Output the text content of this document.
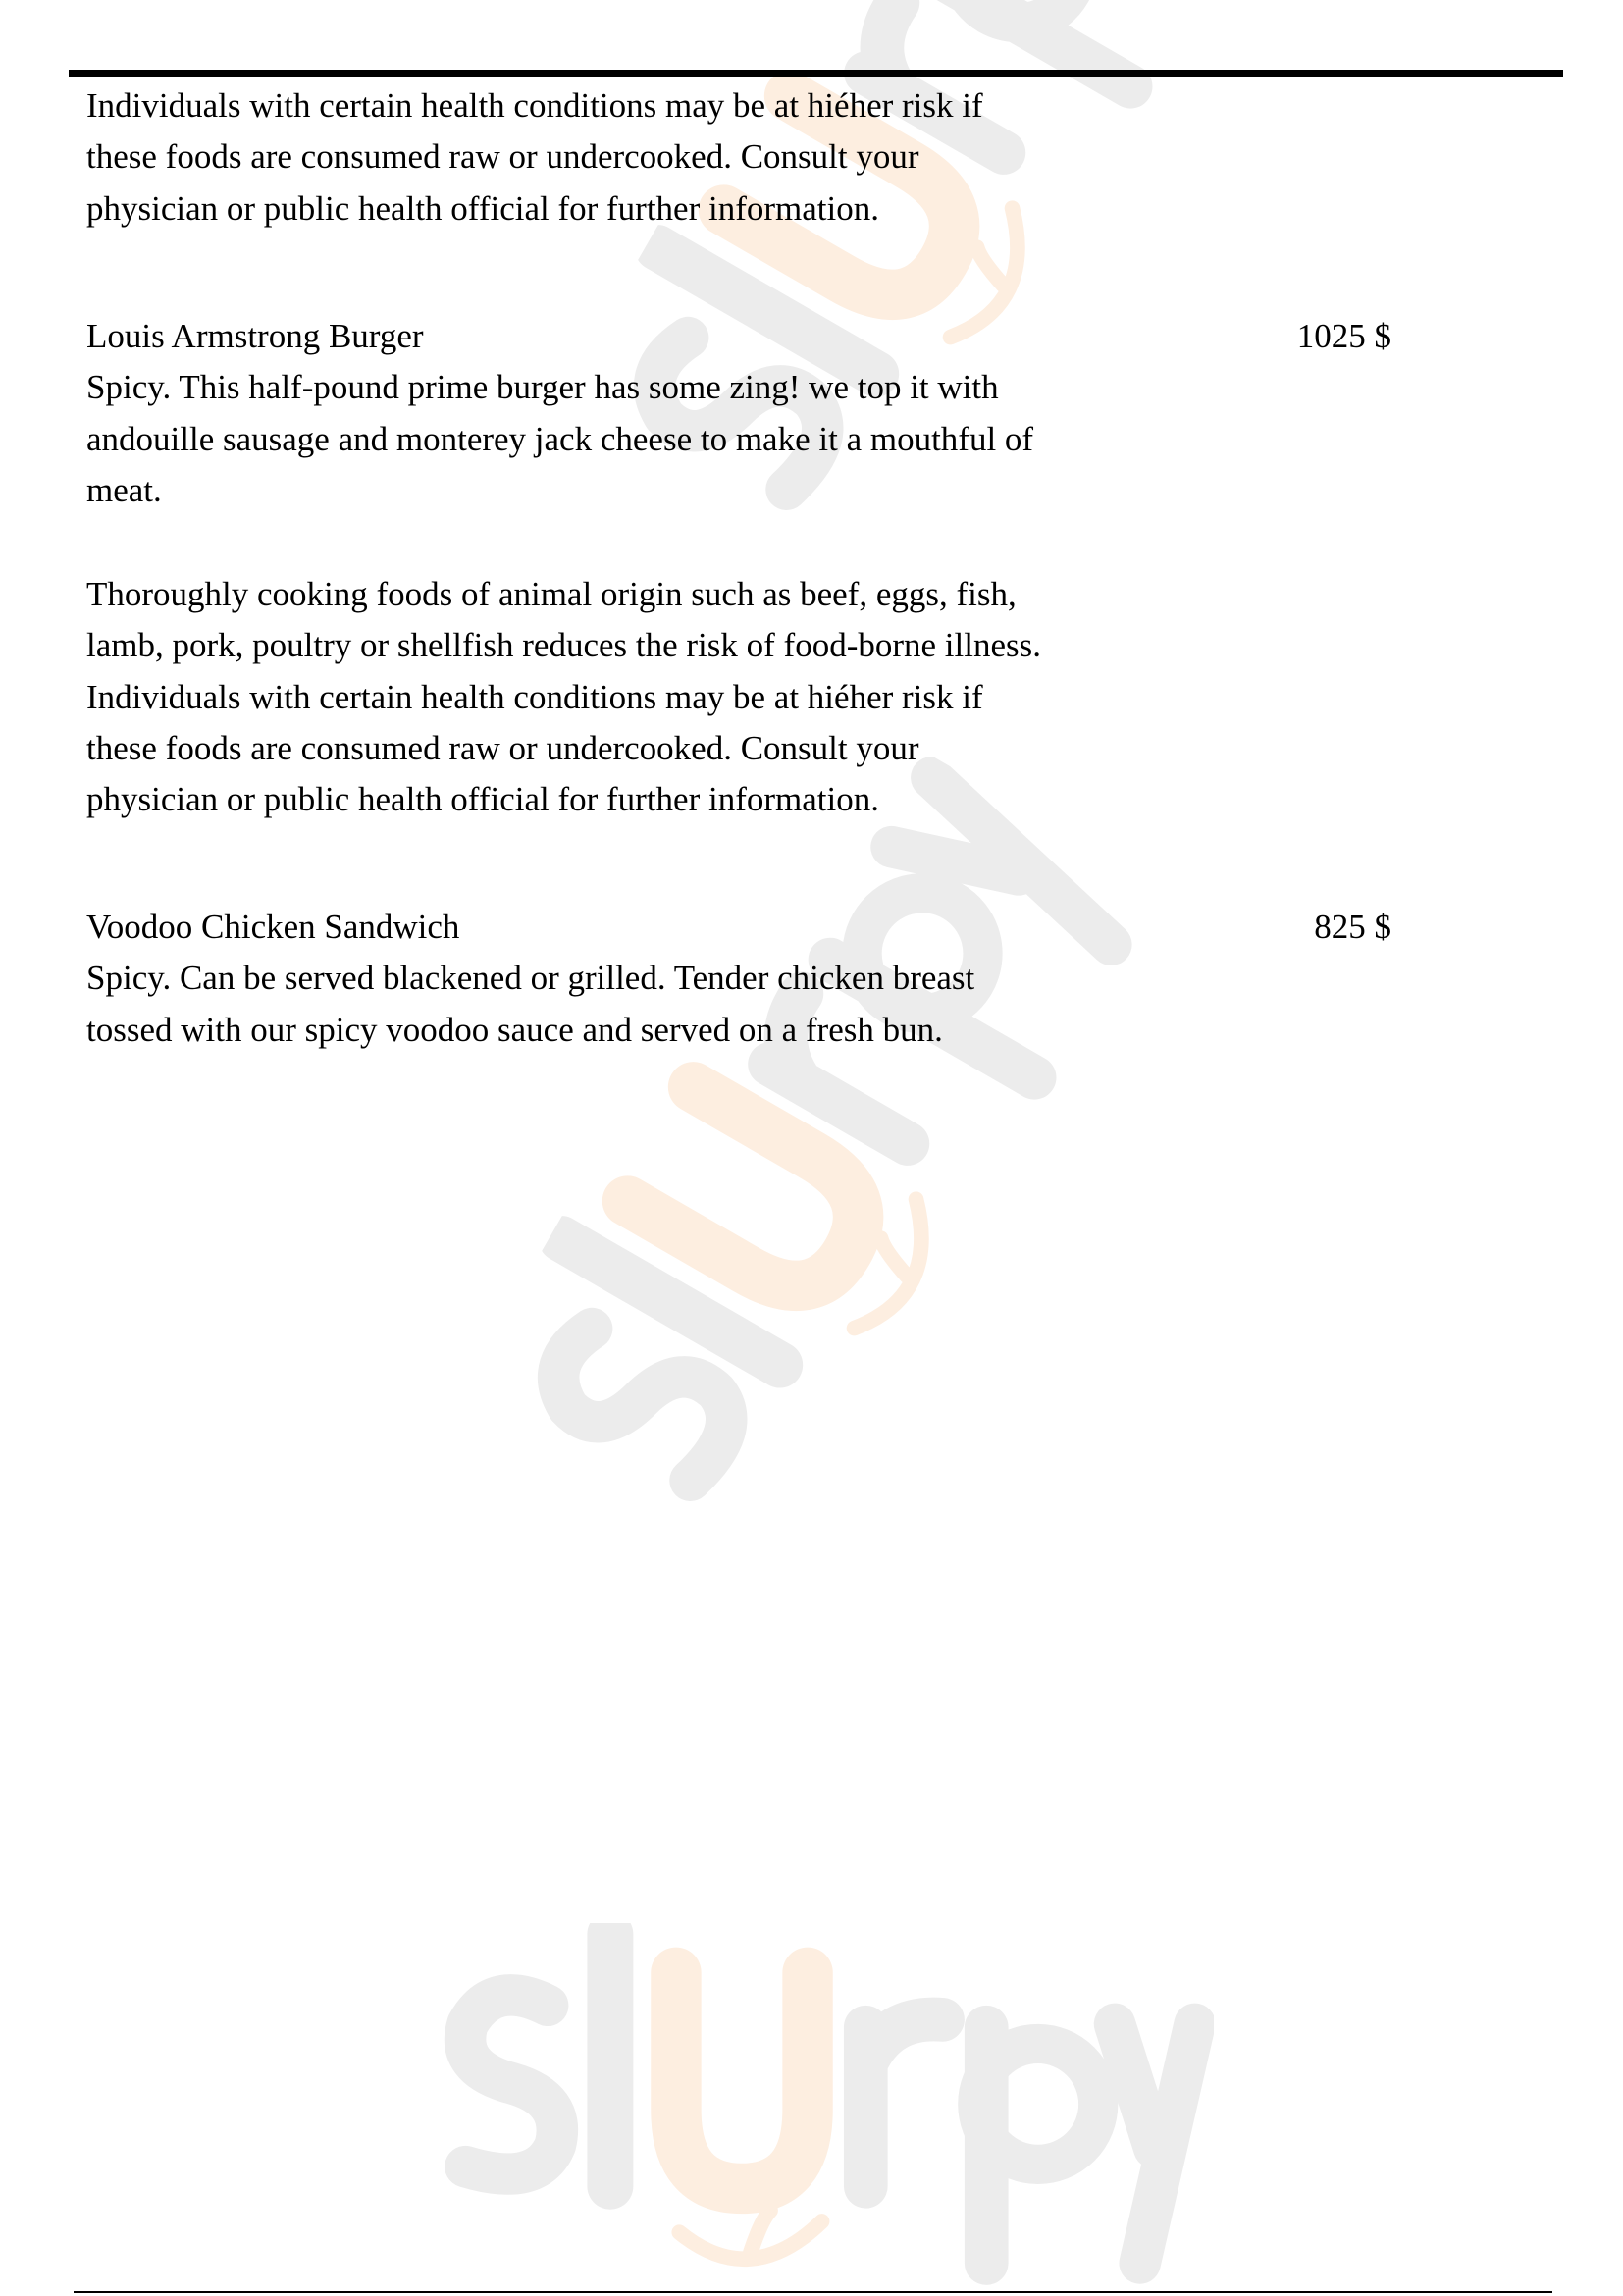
Individuals with certain health conditions may be at hiéher risk if
these foods are consumed raw or undercooked. Consult your
physician or public health official for further information.
Louis Armstrong Burger
Spicy. This half-pound prime burger has some zing! we top it with
andouille sausage and monterey jack cheese to make it a mouthful of
meat.
1025 $
Thoroughly cooking foods of animal origin such as beef, eggs, fish,
lamb, pork, poultry or shellfish reduces the risk of food-borne illness.
Individuals with certain health conditions may be at hiéher risk if
these foods are consumed raw or undercooked. Consult your
physician or public health official for further information.
Voodoo Chicken Sandwich
Spicy. Can be served blackened or grilled. Tender chicken breast
tossed with our spicy voodoo sauce and served on a fresh bun.
825 $
